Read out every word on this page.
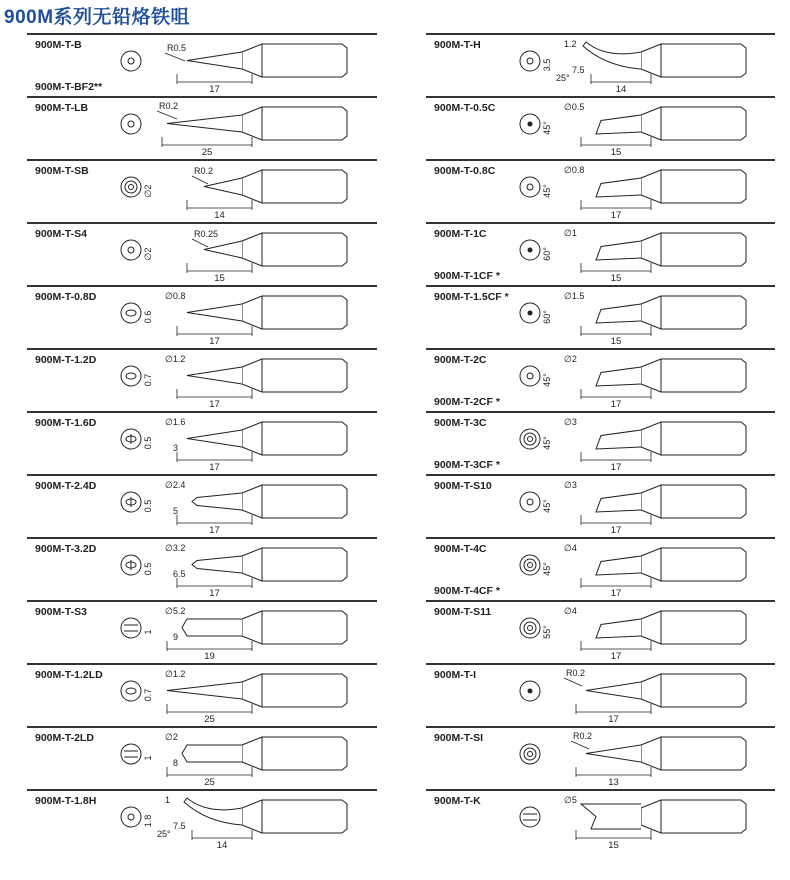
900M系列无铅烙铁咀
900M-T-B
900M-T-BF2**	17
R0.5
900M-T-LB
25
R0.2
900M-T-SB
14
R0.2
∅2
900M-T-S4
15
R0.25
∅2
900M-T-0.8D
17
∅0.8
0.6
900M-T-1.2D
17
∅1.2
0.7
900M-T-1.6D
17
∅1.6
0.5 3
900M-T-2.4D
17
∅2.4
0.5 5
900M-T-3.2D
17
∅3.2
0.5 6.5
900M-T-S3
19
∅5.2
1 9
900M-T-1.2LD
25
∅1.2
0.7
900M-T-2LD
25
∅2
1 8
900M-T-1.8H
14
1
1.8 7.5
25°
900M-T-H
14
1.2
3.5 7.5
25°
900M-T-0.5C
15
∅0.5
45°
900M-T-0.8C
17
∅0.8
45°
900M-T-1C
900M-T-1CF *	15
∅1
60°
900M-T-1.5CF *
15
∅1.5
60°
900M-T-2C
900M-T-2CF *	17
∅2
45°
900M-T-3C
900M-T-3CF *	17
∅3
45°
900M-T-S10
17
∅3
45°
900M-T-4C
900M-T-4CF *	17
∅4
45°
900M-T-S11
17
∅4
55°
900M-T-I
17
R0.2
900M-T-SI
13
R0.2
900M-T-K
15
∅5
